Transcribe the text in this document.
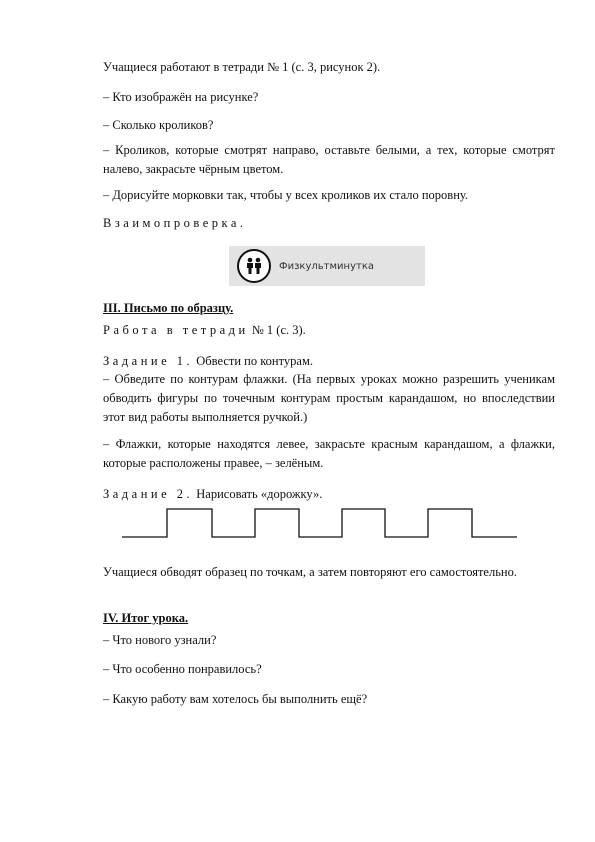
Учащиеся работают в тетради № 1 (с. 3, рисунок 2).

– Кто изображён на рисунке?

– Сколько кроликов?

– Кроликов, которые смотрят направо, оставьте белыми, а тех, которые смотрят налево, закрасьте чёрным цветом.

– Дорисуйте морковки так, чтобы у всех кроликов их стало поровну.

Взаимопроверка.

Физкультминутка

III. Письмо по образцу.

Работа в тетради № 1 (с. 3).

Задание 1. Обвести по контурам.

– Обведите по контурам флажки. (На первых уроках можно разрешить ученикам обводить фигуры по точечным контурам простым карандашом, но впоследствии этот вид работы выполняется ручкой.)

– Флажки, которые находятся левее, закрасьте красным карандашом, а флажки, которые расположены правее, – зелёным.

Задание 2. Нарисовать «дорожку».

Учащиеся обводят образец по точкам, а затем повторяют его самостоятельно.

IV. Итог урока.

– Что нового узнали?

– Что особенно понравилось?

– Какую работу вам хотелось бы выполнить ещё?
